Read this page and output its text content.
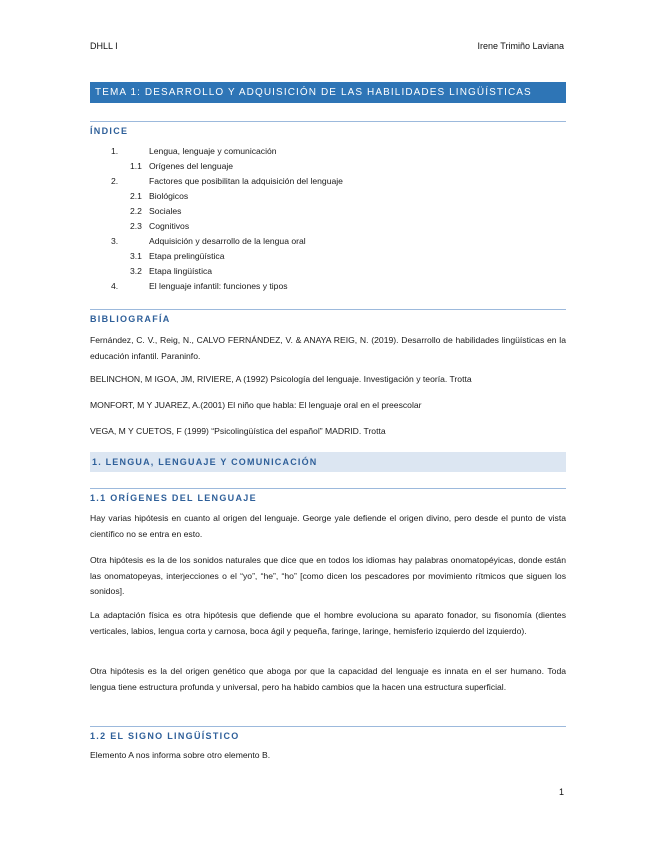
DHLL I	Irene Trimiño Laviana
TEMA 1: DESARROLLO Y ADQUISICIÓN DE LAS HABILIDADES LINGÜÍSTICAS
ÍNDICE
1.	Lengua, lenguaje y comunicación
1.1 Orígenes del lenguaje
2.	Factores que posibilitan la adquisición del lenguaje
2.1 Biológicos
2.2 Sociales
2.3 Cognitivos
3.	Adquisición y desarrollo de la lengua oral
3.1 Etapa prelingüística
3.2 Etapa lingüística
4.	El lenguaje infantil: funciones y tipos
BIBLIOGRAFÍA
Fernández, C. V., Reig, N., CALVO FERNÁNDEZ, V. & ANAYA REIG, N. (2019). Desarrollo de habilidades lingüísticas en la educación infantil. Paraninfo.
BELINCHON, M IGOA, JM, RIVIERE, A (1992) Psicología del lenguaje. Investigación y teoría. Trotta
MONFORT, M Y JUAREZ, A.(2001) El niño que habla: El lenguaje oral en el preescolar
VEGA, M Y CUETOS, F (1999) “Psicolingüística del español” MADRID. Trotta
1. LENGUA, LENGUAJE Y COMUNICACIÓN
1.1 ORÍGENES DEL LENGUAJE
Hay varias hipótesis en cuanto al origen del lenguaje. George yale defiende el origen divino, pero desde el punto de vista científico no se entra en esto.
Otra hipótesis es la de los sonidos naturales que dice que en todos los idiomas hay palabras onomatopéyicas, donde están las onomatopeyas, interjecciones o el “yo”, “he”, “ho” [como dicen los pescadores por movimiento rítmicos que siguen los sonidos].
La adaptación física es otra hipótesis que defiende que el hombre evoluciona su aparato fonador, su fisonomía (dientes verticales, labios, lengua corta y carnosa, boca ágil y pequeña, faringe, laringe, hemisferio izquierdo del izquierdo).
Otra hipótesis es la del origen genético que aboga por que la capacidad del lenguaje es innata en el ser humano. Toda lengua tiene estructura profunda y universal, pero ha habido cambios que la hacen una estructura superficial.
1.2 EL SIGNO LINGÜÍSTICO
Elemento A nos informa sobre otro elemento B.
1
